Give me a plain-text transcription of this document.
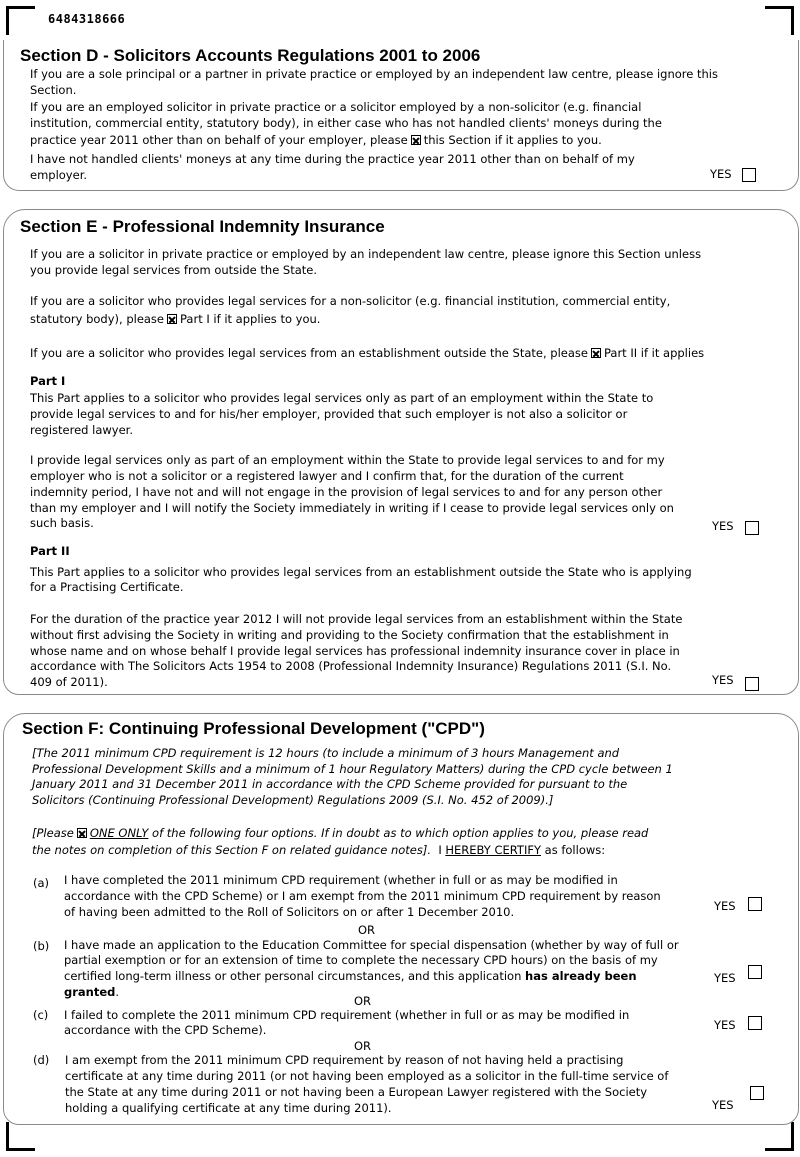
6484318666
Section D - Solicitors Accounts Regulations 2001 to 2006
If you are a sole principal or a partner in private practice or employed by an independent law centre, please ignore this
Section.
If you are an employed solicitor in private practice or a solicitor employed by a non-solicitor (e.g. financial
institution, commercial entity, statutory body), in either case who has not handled clients' moneys during the
practice year 2011 other than on behalf of your employer, please this Section if it applies to you.
I have not handled clients' moneys at any time during the practice year 2011 other than on behalf of my
employer.	YES
Section E - Professional Indemnity Insurance
If you are a solicitor in private practice or employed by an independent law centre, please ignore this Section unless
you provide legal services from outside the State.
If you are a solicitor who provides legal services for a non-solicitor (e.g. financial institution, commercial entity,
statutory body), please Part I if it applies to you.
If you are a solicitor who provides legal services from an establishment outside the State, please Part II if it applies
Part I
This Part applies to a solicitor who provides legal services only as part of an employment within the State to
provide legal services to and for his/her employer, provided that such employer is not also a solicitor or
registered lawyer.
I provide legal services only as part of an employment within the State to provide legal services to and for my
employer who is not a solicitor or a registered lawyer and I confirm that, for the duration of the current
indemnity period, I have not and will not engage in the provision of legal services to and for any person other
than my employer and I will notify the Society immediately in writing if I cease to provide legal services only on
such basis.	YES
Part II
This Part applies to a solicitor who provides legal services from an establishment outside the State who is applying
for a Practising Certificate.
For the duration of the practice year 2012 I will not provide legal services from an establishment within the State
without first advising the Society in writing and providing to the Society confirmation that the establishment in
whose name and on whose behalf I provide legal services has professional indemnity insurance cover in place in
accordance with The Solicitors Acts 1954 to 2008 (Professional Indemnity Insurance) Regulations 2011 (S.I. No.
409 of 2011).	YES
Section F: Continuing Professional Development ("CPD")
[The 2011 minimum CPD requirement is 12 hours (to include a minimum of 3 hours Management and
Professional Development Skills and a minimum of 1 hour Regulatory Matters) during the CPD cycle between 1
January 2011 and 31 December 2011 in accordance with the CPD Scheme provided for pursuant to the
Solicitors (Continuing Professional Development) Regulations 2009 (S.I. No. 452 of 2009).]
[Please ONE ONLY of the following four options. If in doubt as to which option applies to you, please read
the notes on completion of this Section F on related guidance notes]. I HEREBY CERTIFY as follows:
(a) I have completed the 2011 minimum CPD requirement (whether in full or as may be modified in
accordance with the CPD Scheme) or I am exempt from the 2011 minimum CPD requirement by reason
of having been admitted to the Roll of Solicitors on or after 1 December 2010.	YES
OR
(b) I have made an application to the Education Committee for special dispensation (whether by way of full or
partial exemption or for an extension of time to complete the necessary CPD hours) on the basis of my
certified long-term illness or other personal circumstances, and this application has already been
granted.
YES
OR
(c) I failed to complete the 2011 minimum CPD requirement (whether in full or as may be modified in
accordance with the CPD Scheme).	YES
OR
(d) I am exempt from the 2011 minimum CPD requirement by reason of not having held a practising
certificate at any time during 2011 (or not having been employed as a solicitor in the full-time service of
the State at any time during 2011 or not having been a European Lawyer registered with the Society
holding a qualifying certificate at any time during 2011).	YES
